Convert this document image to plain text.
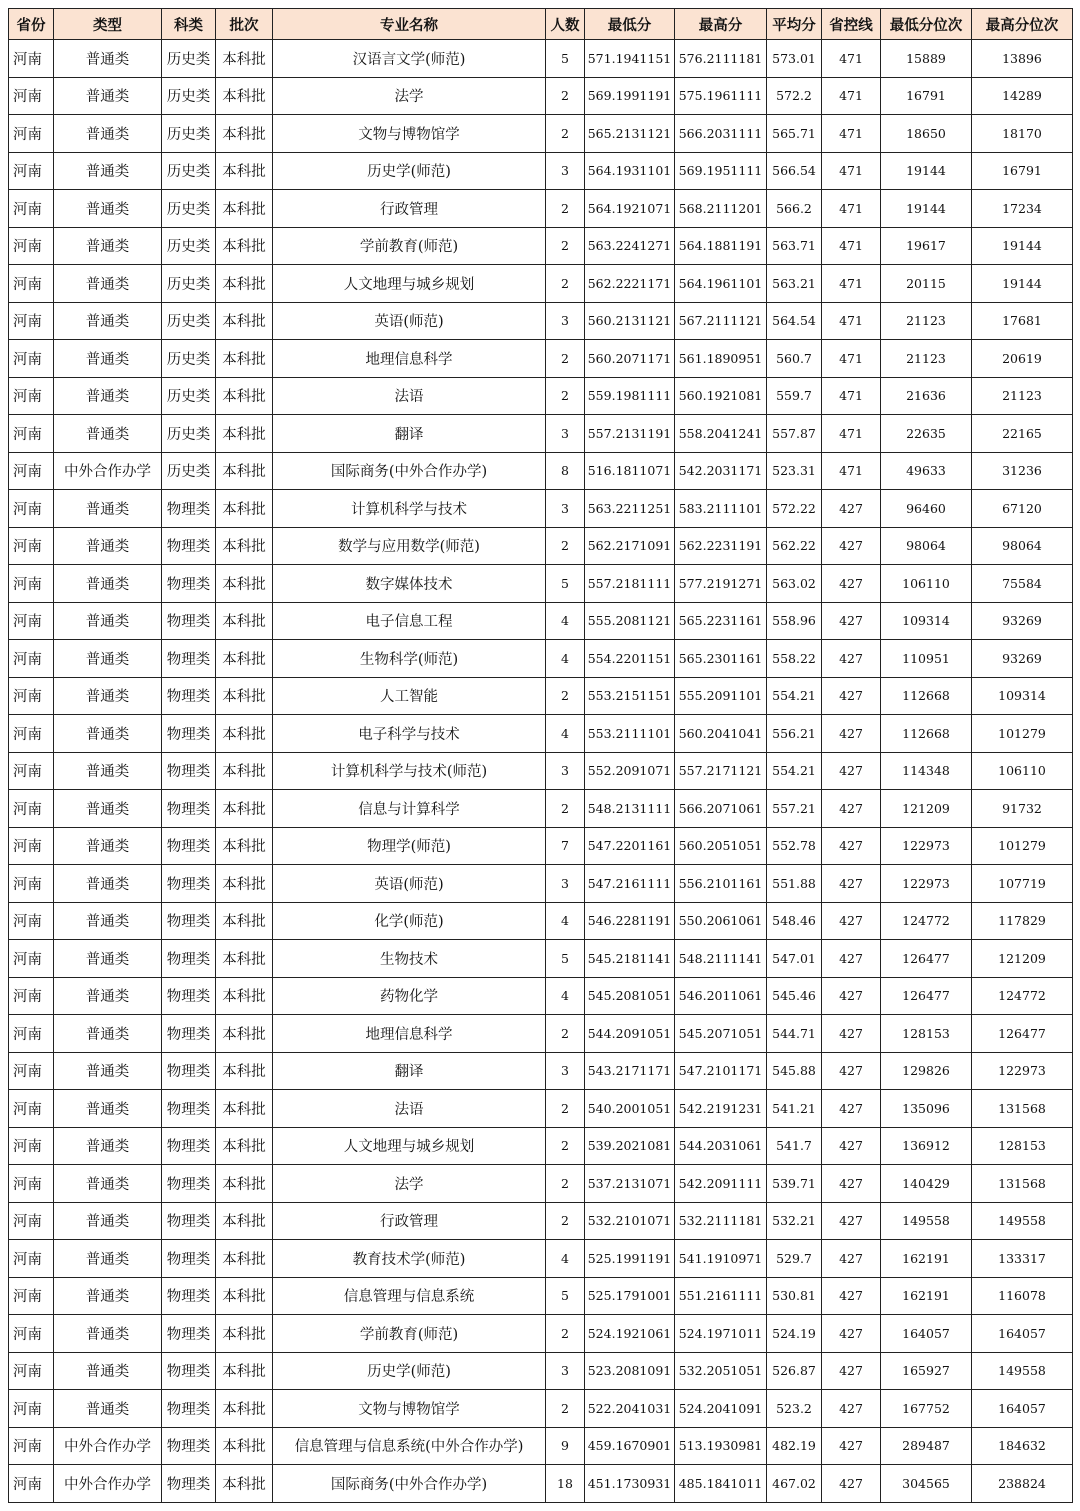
省份	类型	科类	批次	专业名称	人数	最低分	最高分	平均分	省控线	最低分位次	最高分位次
河南	普通类	历史类	本科批	汉语言文学(师范)	5	571.1941151	576.2111181	573.01	471	15889	13896
河南	普通类	历史类	本科批	法学	2	569.1991191	575.1961111	572.2	471	16791	14289
河南	普通类	历史类	本科批	文物与博物馆学	2	565.2131121	566.2031111	565.71	471	18650	18170
河南	普通类	历史类	本科批	历史学(师范)	3	564.1931101	569.1951111	566.54	471	19144	16791
河南	普通类	历史类	本科批	行政管理	2	564.1921071	568.2111201	566.2	471	19144	17234
河南	普通类	历史类	本科批	学前教育(师范)	2	563.2241271	564.1881191	563.71	471	19617	19144
河南	普通类	历史类	本科批	人文地理与城乡规划	2	562.2221171	564.1961101	563.21	471	20115	19144
河南	普通类	历史类	本科批	英语(师范)	3	560.2131121	567.2111121	564.54	471	21123	17681
河南	普通类	历史类	本科批	地理信息科学	2	560.2071171	561.1890951	560.7	471	21123	20619
河南	普通类	历史类	本科批	法语	2	559.1981111	560.1921081	559.7	471	21636	21123
河南	普通类	历史类	本科批	翻译	3	557.2131191	558.2041241	557.87	471	22635	22165
河南	中外合作办学	历史类	本科批	国际商务(中外合作办学)	8	516.1811071	542.2031171	523.31	471	49633	31236
河南	普通类	物理类	本科批	计算机科学与技术	3	563.2211251	583.2111101	572.22	427	96460	67120
河南	普通类	物理类	本科批	数学与应用数学(师范)	2	562.2171091	562.2231191	562.22	427	98064	98064
河南	普通类	物理类	本科批	数字媒体技术	5	557.2181111	577.2191271	563.02	427	106110	75584
河南	普通类	物理类	本科批	电子信息工程	4	555.2081121	565.2231161	558.96	427	109314	93269
河南	普通类	物理类	本科批	生物科学(师范)	4	554.2201151	565.2301161	558.22	427	110951	93269
河南	普通类	物理类	本科批	人工智能	2	553.2151151	555.2091101	554.21	427	112668	109314
河南	普通类	物理类	本科批	电子科学与技术	4	553.2111101	560.2041041	556.21	427	112668	101279
河南	普通类	物理类	本科批	计算机科学与技术(师范)	3	552.2091071	557.2171121	554.21	427	114348	106110
河南	普通类	物理类	本科批	信息与计算科学	2	548.2131111	566.2071061	557.21	427	121209	91732
河南	普通类	物理类	本科批	物理学(师范)	7	547.2201161	560.2051051	552.78	427	122973	101279
河南	普通类	物理类	本科批	英语(师范)	3	547.2161111	556.2101161	551.88	427	122973	107719
河南	普通类	物理类	本科批	化学(师范)	4	546.2281191	550.2061061	548.46	427	124772	117829
河南	普通类	物理类	本科批	生物技术	5	545.2181141	548.2111141	547.01	427	126477	121209
河南	普通类	物理类	本科批	药物化学	4	545.2081051	546.2011061	545.46	427	126477	124772
河南	普通类	物理类	本科批	地理信息科学	2	544.2091051	545.2071051	544.71	427	128153	126477
河南	普通类	物理类	本科批	翻译	3	543.2171171	547.2101171	545.88	427	129826	122973
河南	普通类	物理类	本科批	法语	2	540.2001051	542.2191231	541.21	427	135096	131568
河南	普通类	物理类	本科批	人文地理与城乡规划	2	539.2021081	544.2031061	541.7	427	136912	128153
河南	普通类	物理类	本科批	法学	2	537.2131071	542.2091111	539.71	427	140429	131568
河南	普通类	物理类	本科批	行政管理	2	532.2101071	532.2111181	532.21	427	149558	149558
河南	普通类	物理类	本科批	教育技术学(师范)	4	525.1991191	541.1910971	529.7	427	162191	133317
河南	普通类	物理类	本科批	信息管理与信息系统	5	525.1791001	551.2161111	530.81	427	162191	116078
河南	普通类	物理类	本科批	学前教育(师范)	2	524.1921061	524.1971011	524.19	427	164057	164057
河南	普通类	物理类	本科批	历史学(师范)	3	523.2081091	532.2051051	526.87	427	165927	149558
河南	普通类	物理类	本科批	文物与博物馆学	2	522.2041031	524.2041091	523.2	427	167752	164057
河南	中外合作办学	物理类	本科批	信息管理与信息系统(中外合作办学)	9	459.1670901	513.1930981	482.19	427	289487	184632
河南	中外合作办学	物理类	本科批	国际商务(中外合作办学)	18	451.1730931	485.1841011	467.02	427	304565	238824
